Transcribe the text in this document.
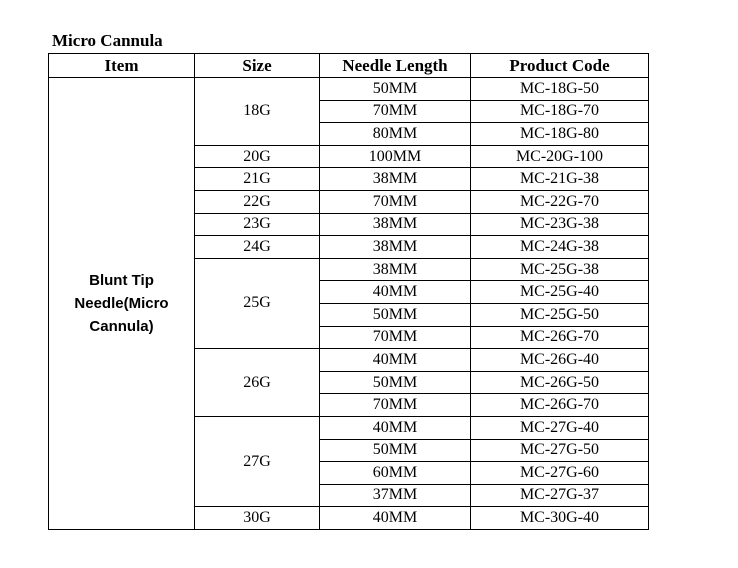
Micro Cannula
Item	Size	Needle Length	Product Code
Blunt Tip Needle(Micro Cannula)	18G	50MM	MC-18G-50
		70MM	MC-18G-70
		80MM	MC-18G-80
	20G	100MM	MC-20G-100
	21G	38MM	MC-21G-38
	22G	70MM	MC-22G-70
	23G	38MM	MC-23G-38
	24G	38MM	MC-24G-38
	25G	38MM	MC-25G-38
		40MM	MC-25G-40
		50MM	MC-25G-50
		70MM	MC-26G-70
	26G	40MM	MC-26G-40
		50MM	MC-26G-50
		70MM	MC-26G-70
	27G	40MM	MC-27G-40
		50MM	MC-27G-50
		60MM	MC-27G-60
		37MM	MC-27G-37
	30G	40MM	MC-30G-40
